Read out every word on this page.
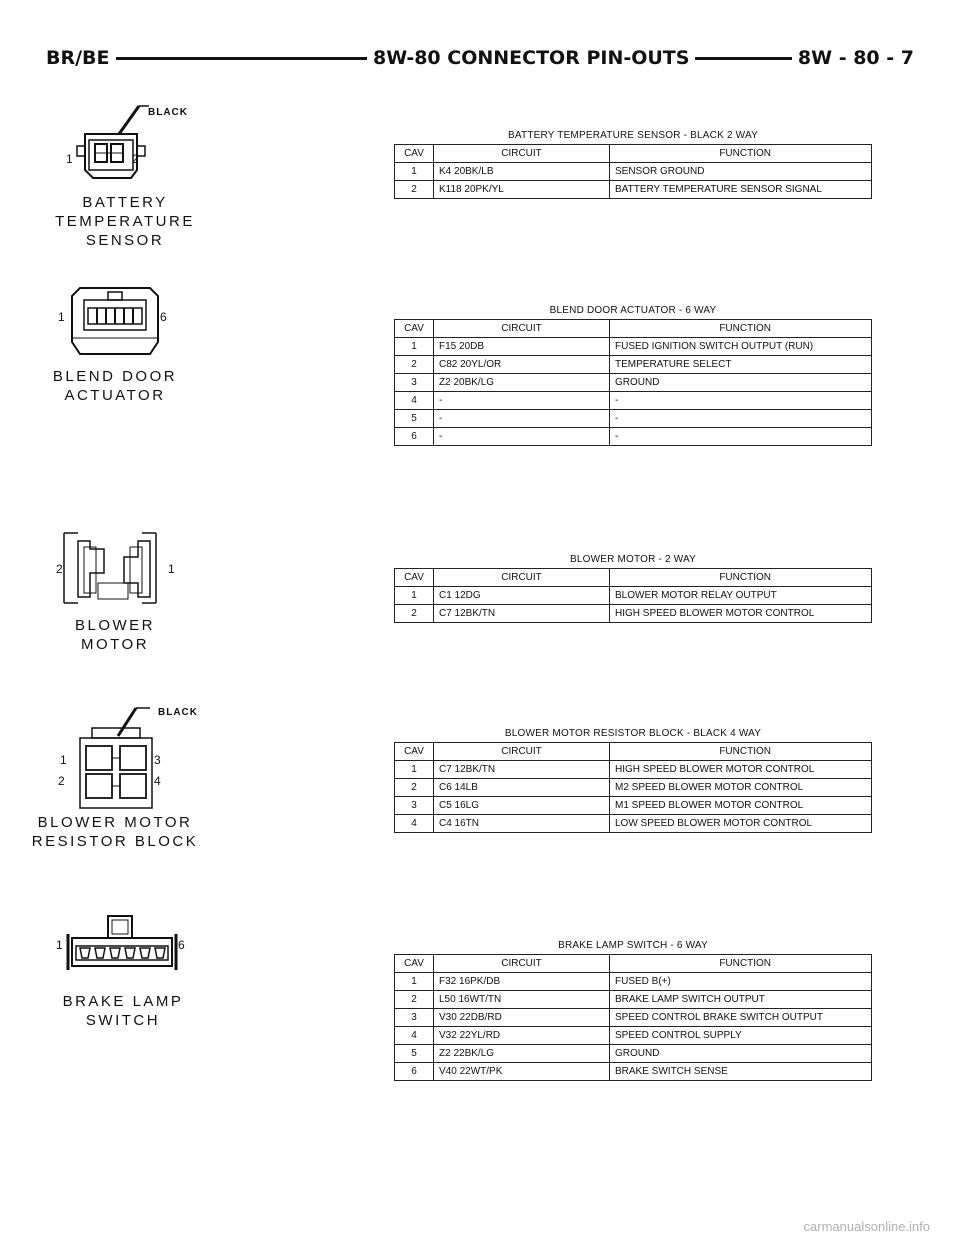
BR/BE	8W-80 CONNECTOR PIN-OUTS	8W - 80 - 7
BLACK
1	2
BATTERY
TEMPERATURE
SENSOR
BATTERY TEMPERATURE SENSOR - BLACK 2 WAY
CAV	CIRCUIT	FUNCTION
1	K4 20BK/LB	SENSOR GROUND
2	K118 20PK/YL	BATTERY TEMPERATURE SENSOR SIGNAL
1	6
BLEND DOOR
ACTUATOR
BLEND DOOR ACTUATOR - 6 WAY
CAV	CIRCUIT	FUNCTION
1	F15 20DB	FUSED IGNITION SWITCH OUTPUT (RUN)
2	C82 20YL/OR	TEMPERATURE SELECT
3	Z2 20BK/LG	GROUND
4	-	-
5	-	-
6	-	-
2	1
BLOWER
MOTOR
BLOWER MOTOR - 2 WAY
CAV	CIRCUIT	FUNCTION
1	C1 12DG	BLOWER MOTOR RELAY OUTPUT
2	C7 12BK/TN	HIGH SPEED BLOWER MOTOR CONTROL
BLACK
1	3
2	4
BLOWER MOTOR
RESISTOR BLOCK
BLOWER MOTOR RESISTOR BLOCK - BLACK 4 WAY
CAV	CIRCUIT	FUNCTION
1	C7 12BK/TN	HIGH SPEED BLOWER MOTOR CONTROL
2	C6 14LB	M2 SPEED BLOWER MOTOR CONTROL
3	C5 16LG	M1 SPEED BLOWER MOTOR CONTROL
4	C4 16TN	LOW SPEED BLOWER MOTOR CONTROL
1	6
BRAKE LAMP
SWITCH
BRAKE LAMP SWITCH - 6 WAY
CAV	CIRCUIT	FUNCTION
1	F32 16PK/DB	FUSED B(+)
2	L50 16WT/TN	BRAKE LAMP SWITCH OUTPUT
3	V30 22DB/RD	SPEED CONTROL BRAKE SWITCH OUTPUT
4	V32 22YL/RD	SPEED CONTROL SUPPLY
5	Z2 22BK/LG	GROUND
6	V40 22WT/PK	BRAKE SWITCH SENSE
carmanualsonline.info
